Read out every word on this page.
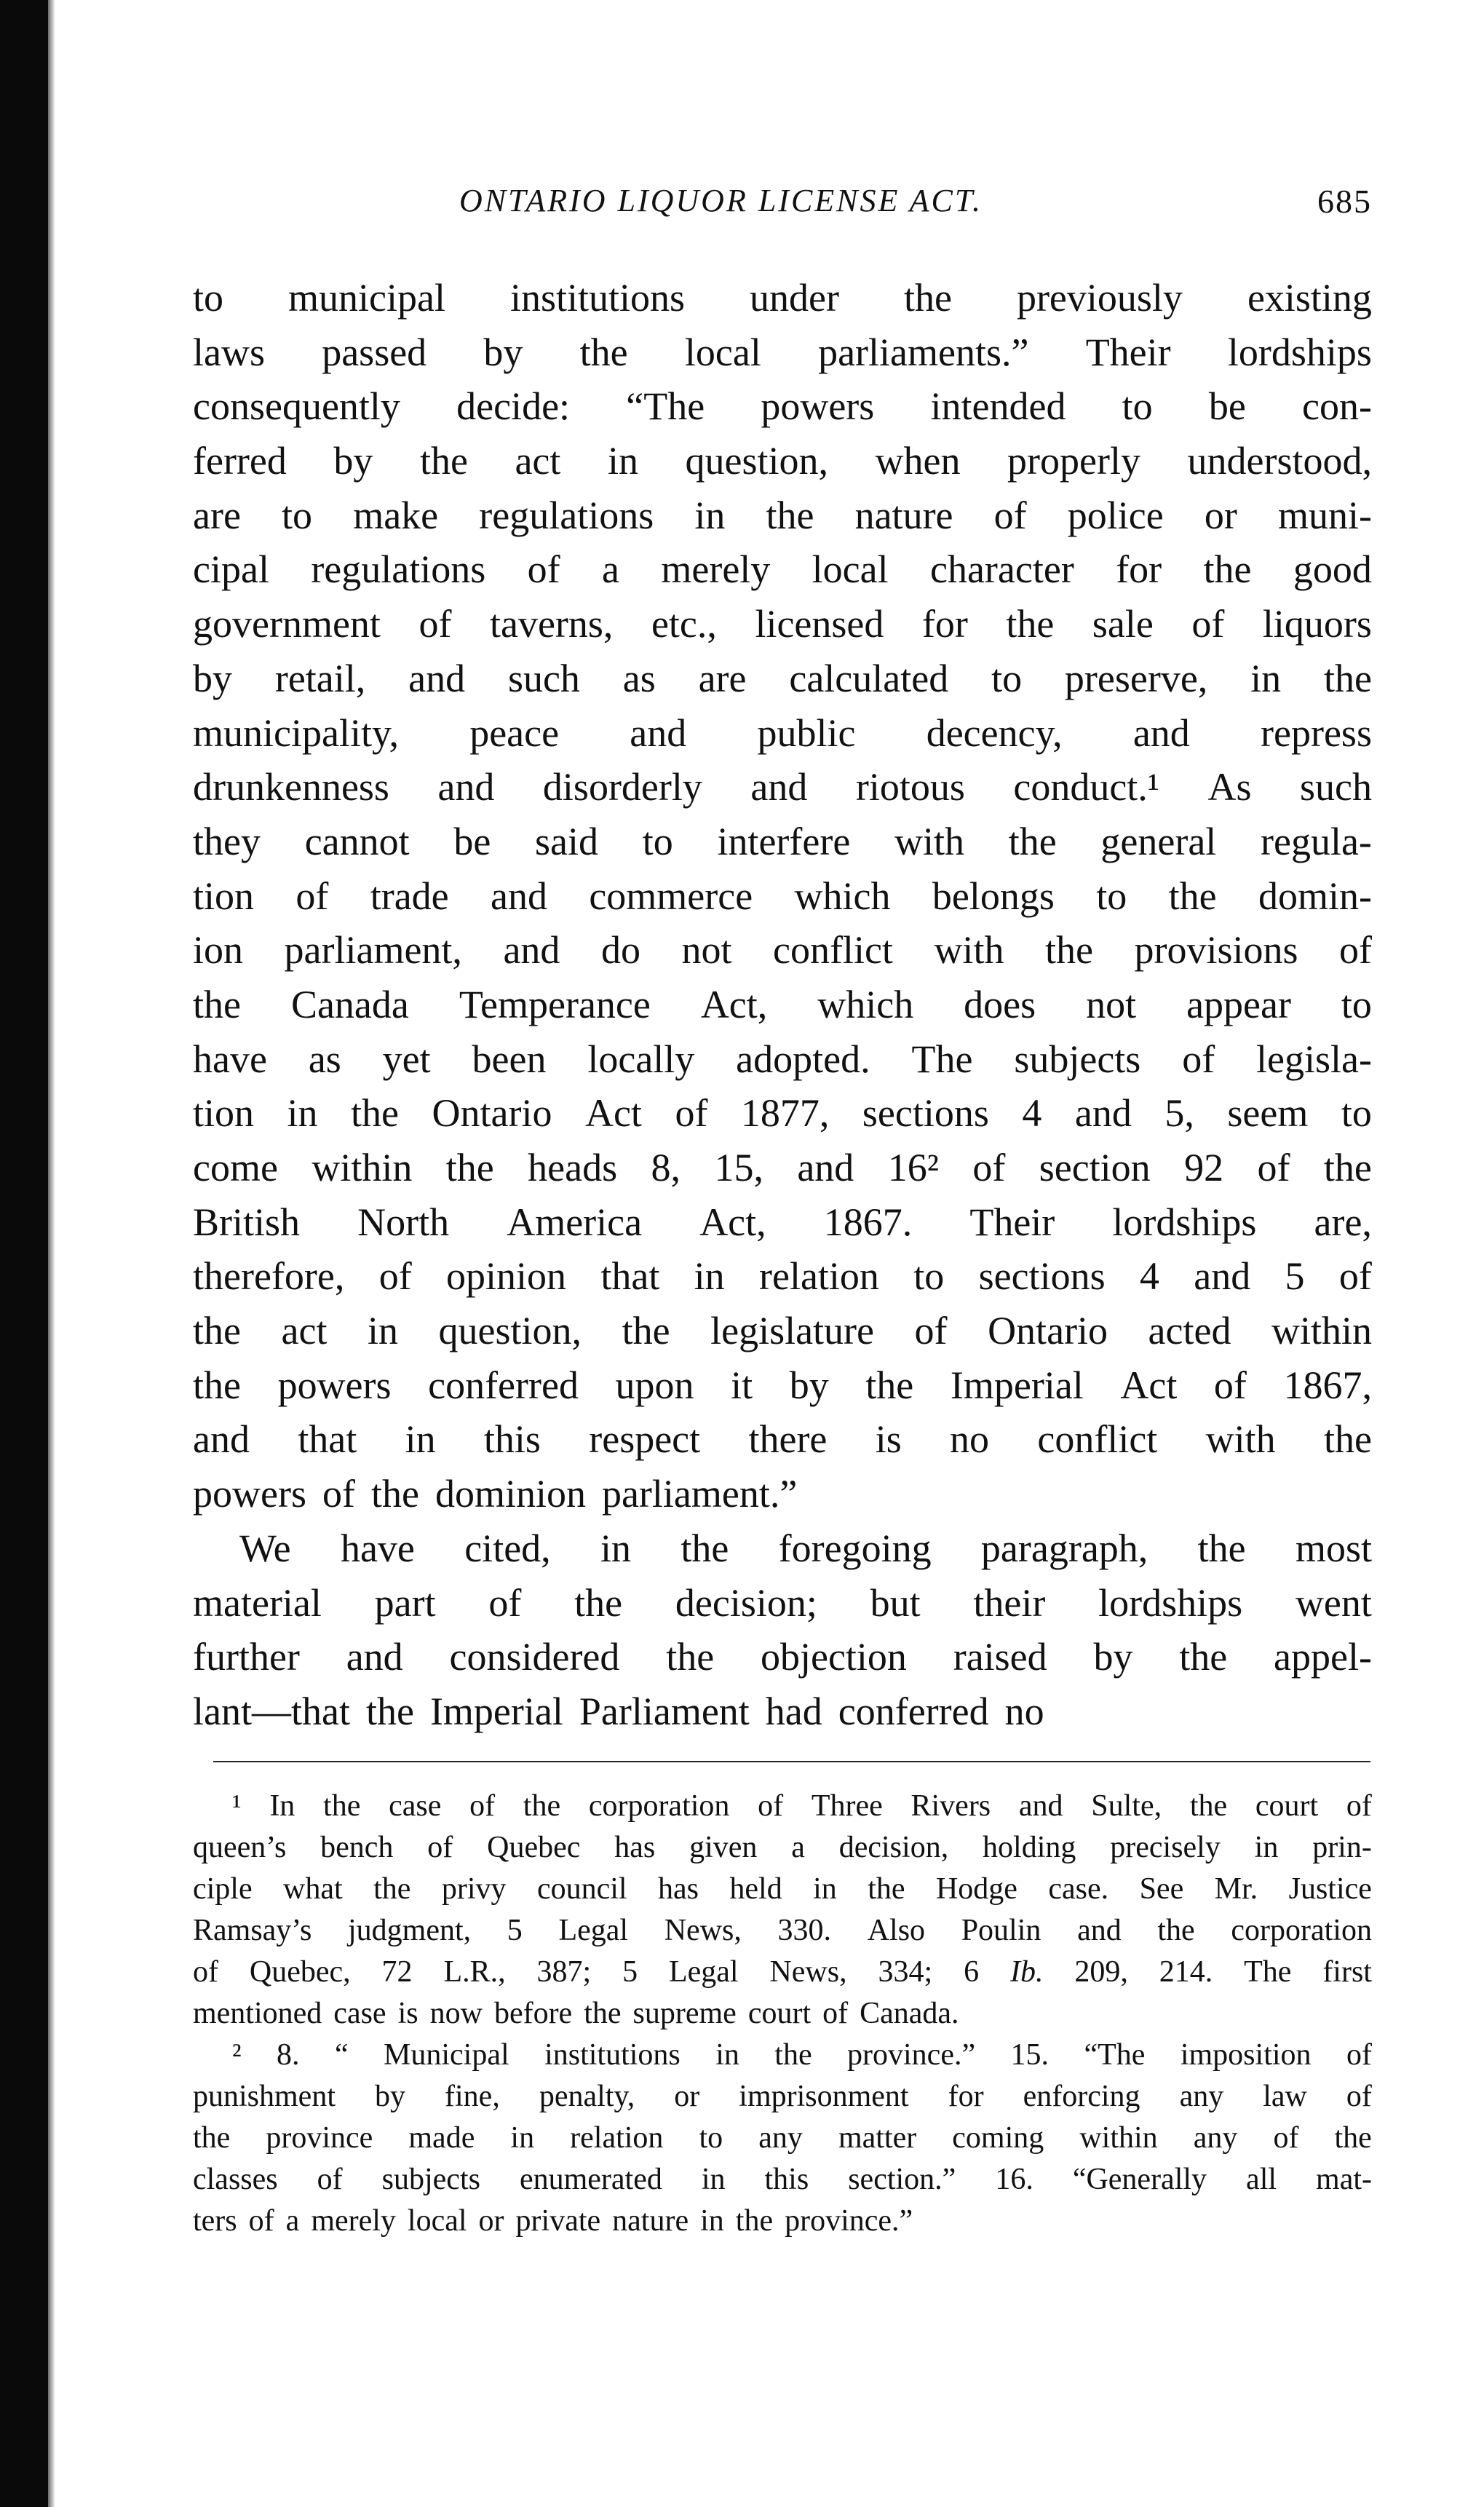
ONTARIO LIQUOR LICENSE ACT.	685
to municipal institutions under the previously existing
laws passed by the local parliaments.” Their lordships
consequently decide: “The powers intended to be con-
ferred by the act in question, when properly understood,
are to make regulations in the nature of police or muni-
cipal regulations of a merely local character for the good
government of taverns, etc., licensed for the sale of liquors
by retail, and such as are calculated to preserve, in the
municipality, peace and public decency, and repress
drunkenness and disorderly and riotous conduct.¹ As such
they cannot be said to interfere with the general regula-
tion of trade and commerce which belongs to the domin-
ion parliament, and do not conflict with the provisions of
the Canada Temperance Act, which does not appear to
have as yet been locally adopted. The subjects of legisla-
tion in the Ontario Act of 1877, sections 4 and 5, seem to
come within the heads 8, 15, and 16² of section 92 of the
British North America Act, 1867. Their lordships are,
therefore, of opinion that in relation to sections 4 and 5 of
the act in question, the legislature of Ontario acted within
the powers conferred upon it by the Imperial Act of 1867,
and that in this respect there is no conflict with the
powers of the dominion parliament.”
We have cited, in the foregoing paragraph, the most
material part of the decision; but their lordships went
further and considered the objection raised by the appel-
lant—that the Imperial Parliament had conferred no
¹ In the case of the corporation of Three Rivers and Sulte, the court of
queen’s bench of Quebec has given a decision, holding precisely in prin-
ciple what the privy council has held in the Hodge case. See Mr. Justice
Ramsay’s judgment, 5 Legal News, 330. Also Poulin and the corporation
of Quebec, 72 L.R., 387; 5 Legal News, 334; 6 Ib. 209, 214. The first
mentioned case is now before the supreme court of Canada.
² 8. “ Municipal institutions in the province.” 15. “The imposition of
punishment by fine, penalty, or imprisonment for enforcing any law of
the province made in relation to any matter coming within any of the
classes of subjects enumerated in this section.” 16. “Generally all mat-
ters of a merely local or private nature in the province.”
